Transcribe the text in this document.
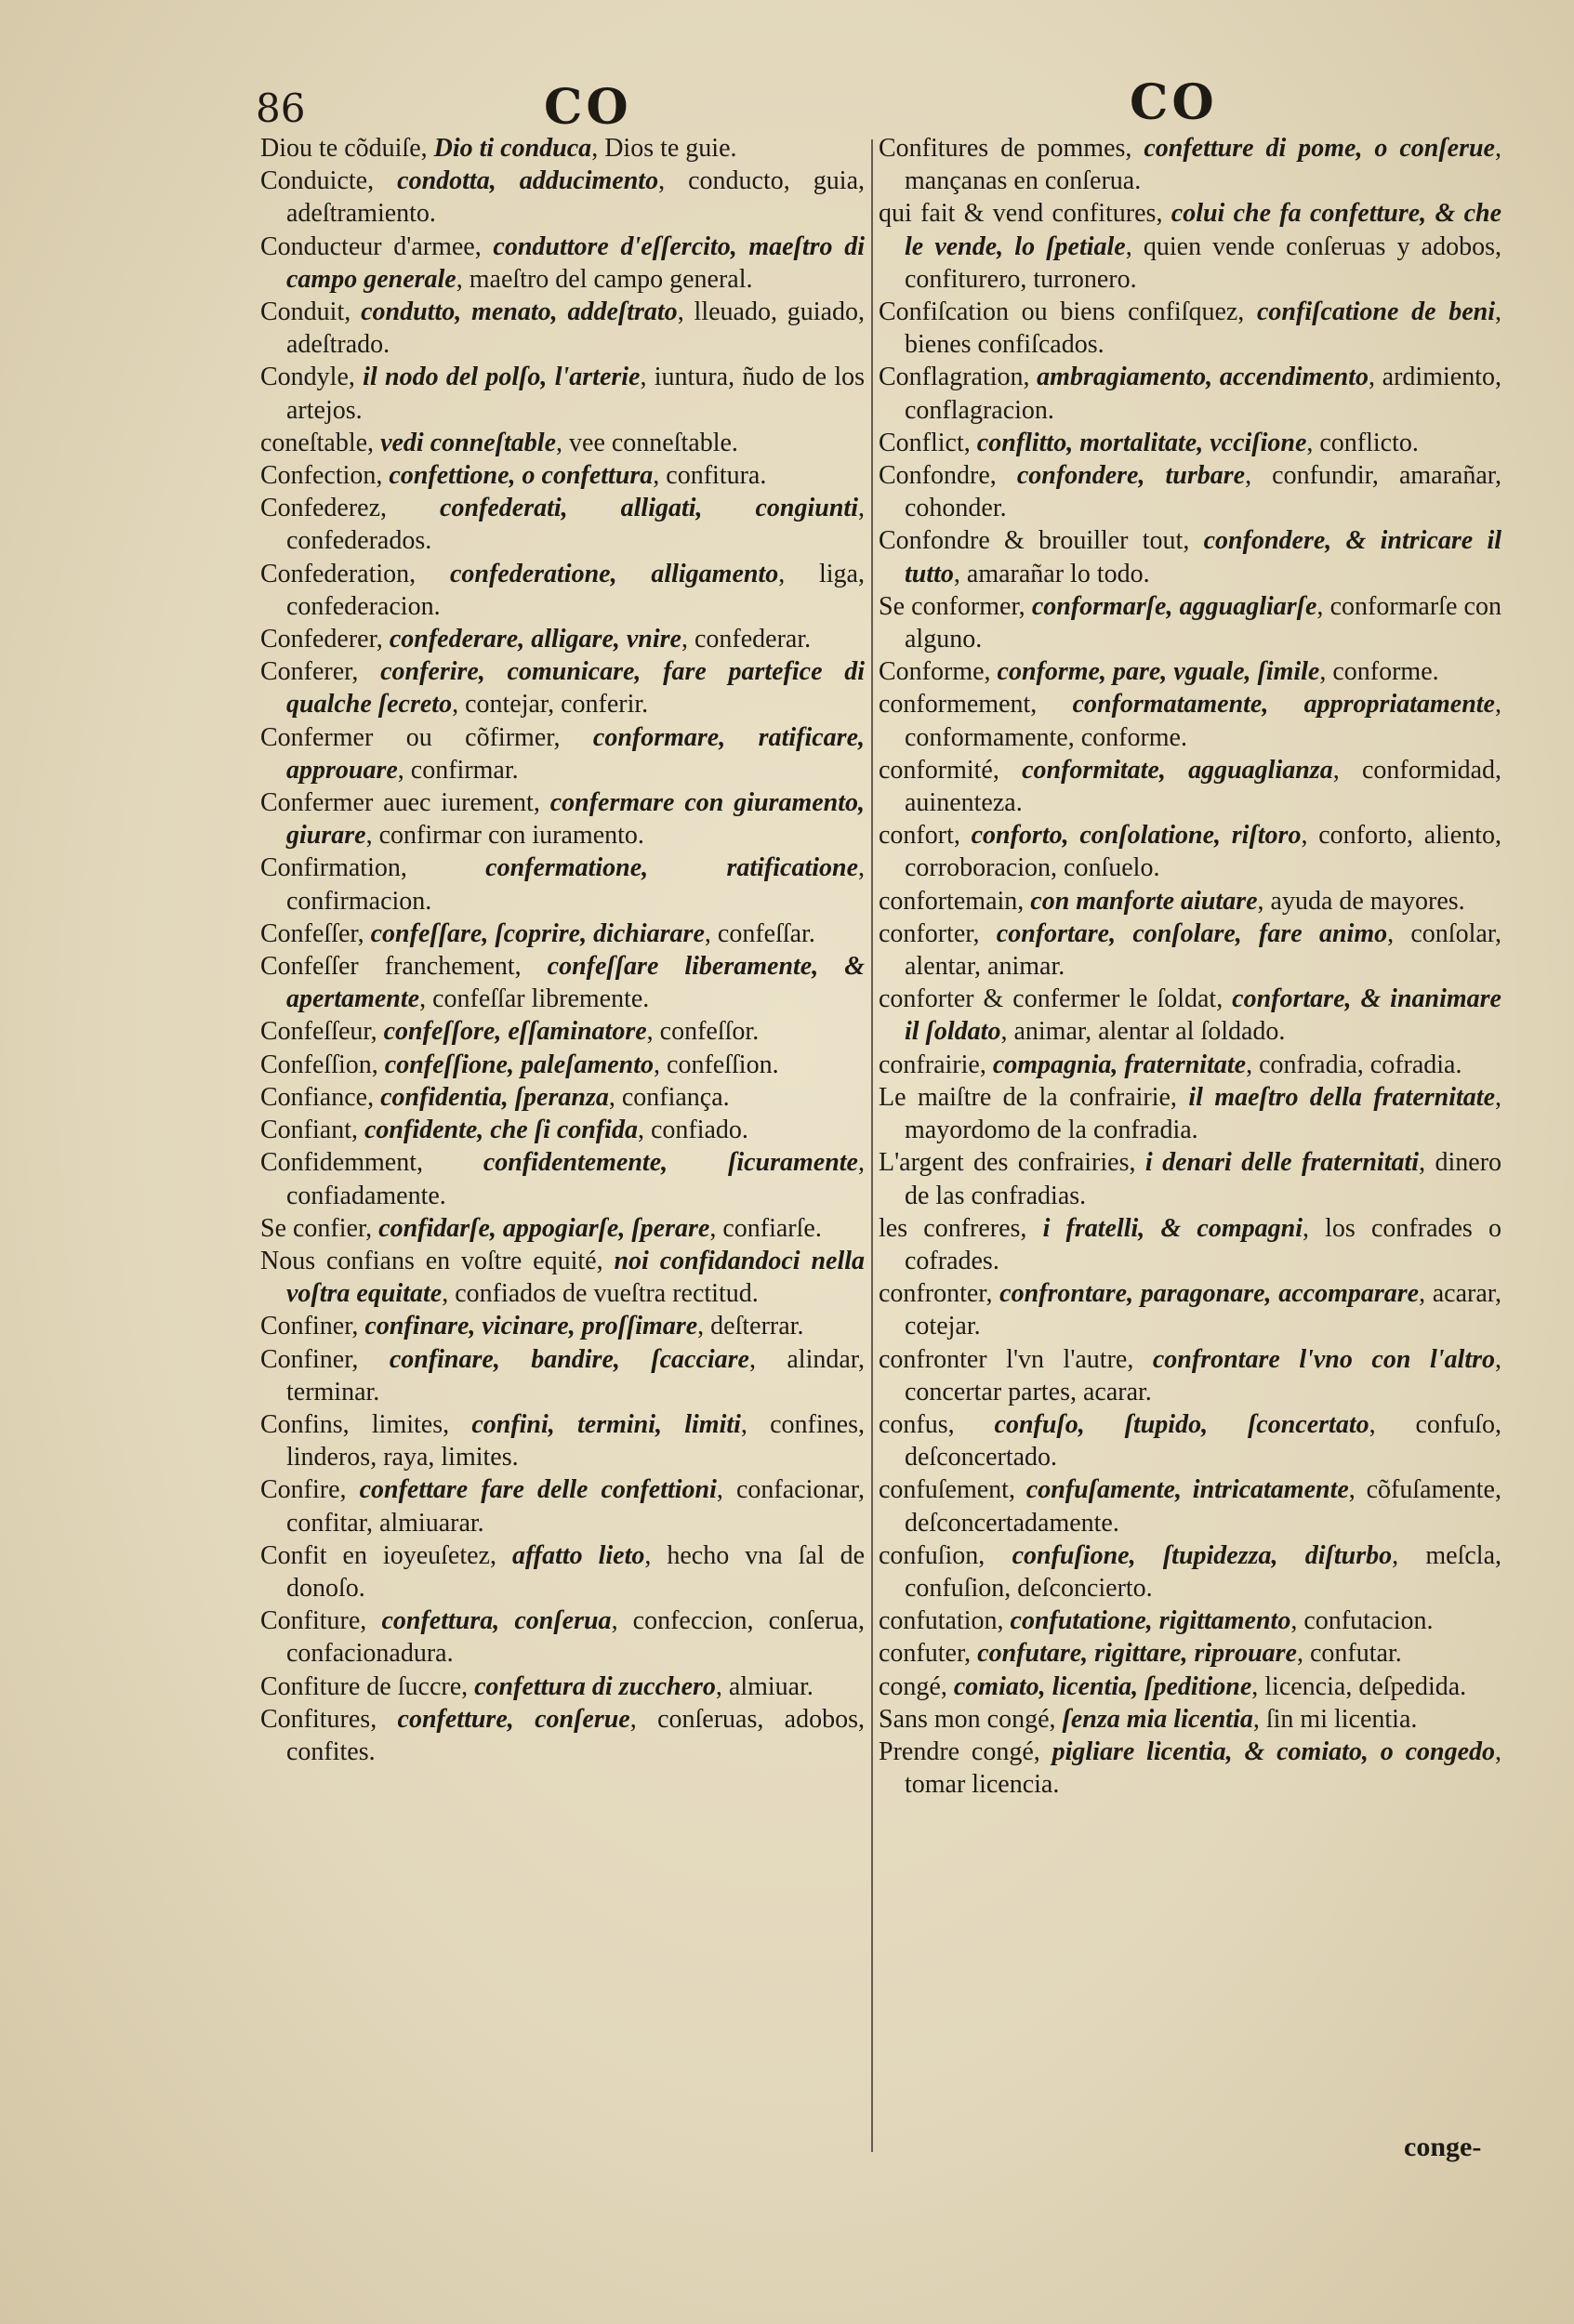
86	CO	CO

Diou te cõduiſe, Dio ti conduca, Dios te guie.

Conduicte, condotta, adducimento, conducto, guia, adeſtramiento.

Conducteur d'armee, conduttore d'eſſercito, maeſtro di campo generale, maeſtro del campo general.

Conduit, condutto, menato, addeſtrato, lleuado, guiado, adeſtrado.

Condyle, il nodo del polſo, l'arterie, iuntura, ñudo de los artejos.

coneſtable, vedi conneſtable, vee conneſtable.

Confection, confettione, o confettura, confitura.

Confederez, confederati, alligati, congiunti, confederados.

Confederation, confederatione, alligamento, liga, confederacion.

Confederer, confederare, alligare, vnire, confederar.

Conferer, conferire, comunicare, fare partefice di qualche ſecreto, contejar, conferir.

Confermer ou cõfirmer, conformare, ratificare, approuare, confirmar.

Confermer auec iurement, confermare con giuramento, giurare, confirmar con iuramento.

Confirmation, confermatione, ratificatione, confirmacion.

Confeſſer, confeſſare, ſcoprire, dichiarare, confeſſar.

Confeſſer franchement, confeſſare liberamente, & apertamente, confeſſar libremente.

Confeſſeur, confeſſore, eſſaminatore, confeſſor.

Confeſſion, confeſſione, paleſamento, confeſſion.

Confiance, confidentia, ſperanza, confiança.

Confiant, confidente, che ſi confida, confiado.

Confidemment, confidentemente, ſicuramente, confiadamente.

Se confier, confidarſe, appogiarſe, ſperare, confiarſe.

Nous confians en voſtre equité, noi confidandoci nella voſtra equitate, confiados de vueſtra rectitud.

Confiner, confinare, vicinare, proſſimare, deſterrar.

Confiner, confinare, bandire, ſcacciare, alindar, terminar.

Confins, limites, confini, termini, limiti, confines, linderos, raya, limites.

Confire, confettare fare delle confettioni, confacionar, confitar, almiuarar.

Confit en ioyeuſetez, affatto lieto, hecho vna ſal de donoſo.

Confiture, confettura, conſerua, confeccion, conſerua, confacionadura.

Confiture de ſuccre, confettura di zucchero, almiuar.

Confitures, confetture, conſerue, conſeruas, adobos, confites.

Confitures de pommes, confetture di pome, o conſerue, mançanas en conſerua.

qui fait & vend confitures, colui che fa confetture, & che le vende, lo ſpetiale, quien vende conſeruas y adobos, confiturero, turronero.

Confiſcation ou biens confiſquez, confiſcatione de beni, bienes confiſcados.

Conflagration, ambragiamento, accendimento, ardimiento, conflagracion.

Conflict, conflitto, mortalitate, vcciſione, conflicto.

Confondre, confondere, turbare, confundir, amarañar, cohonder.

Confondre & brouiller tout, confondere, & intricare il tutto, amarañar lo todo.

Se conformer, conformarſe, agguagliarſe, conformarſe con alguno.

Conforme, conforme, pare, vguale, ſimile, conforme.

conformement, conformatamente, appropriatamente, conformamente, conforme.

conformité, conformitate, agguaglianza, conformidad, auinenteza.

confort, conforto, conſolatione, riſtoro, conforto, aliento, corroboracion, conſuelo.

confortemain, con manforte aiutare, ayuda de mayores.

conforter, confortare, conſolare, fare animo, conſolar, alentar, animar.

conforter & confermer le ſoldat, confortare, & inanimare il ſoldato, animar, alentar al ſoldado.

confrairie, compagnia, fraternitate, confradia, cofradia.

Le maiſtre de la confrairie, il maeſtro della fraternitate, mayordomo de la confradia.

L'argent des confrairies, i denari delle fraternitati, dinero de las confradias.

les confreres, i fratelli, & compagni, los confrades o cofrades.

confronter, confrontare, paragonare, accomparare, acarar, cotejar.

confronter l'vn l'autre, confrontare l'vno con l'altro, concertar partes, acarar.

confus, confuſo, ſtupido, ſconcertato, confuſo, deſconcertado.

confuſement, confuſamente, intricatamente, cõfuſamente, deſconcertadamente.

confuſion, confuſione, ſtupidezza, diſturbo, meſcla, confuſion, deſconcierto.

confutation, confutatione, rigittamento, confutacion.

confuter, confutare, rigittare, riprouare, confutar.

congé, comiato, licentia, ſpeditione, licencia, deſpedida.

Sans mon congé, ſenza mia licentia, ſin mi licentia.

Prendre congé, pigliare licentia, & comiato, o congedo, tomar licencia.

conge-
